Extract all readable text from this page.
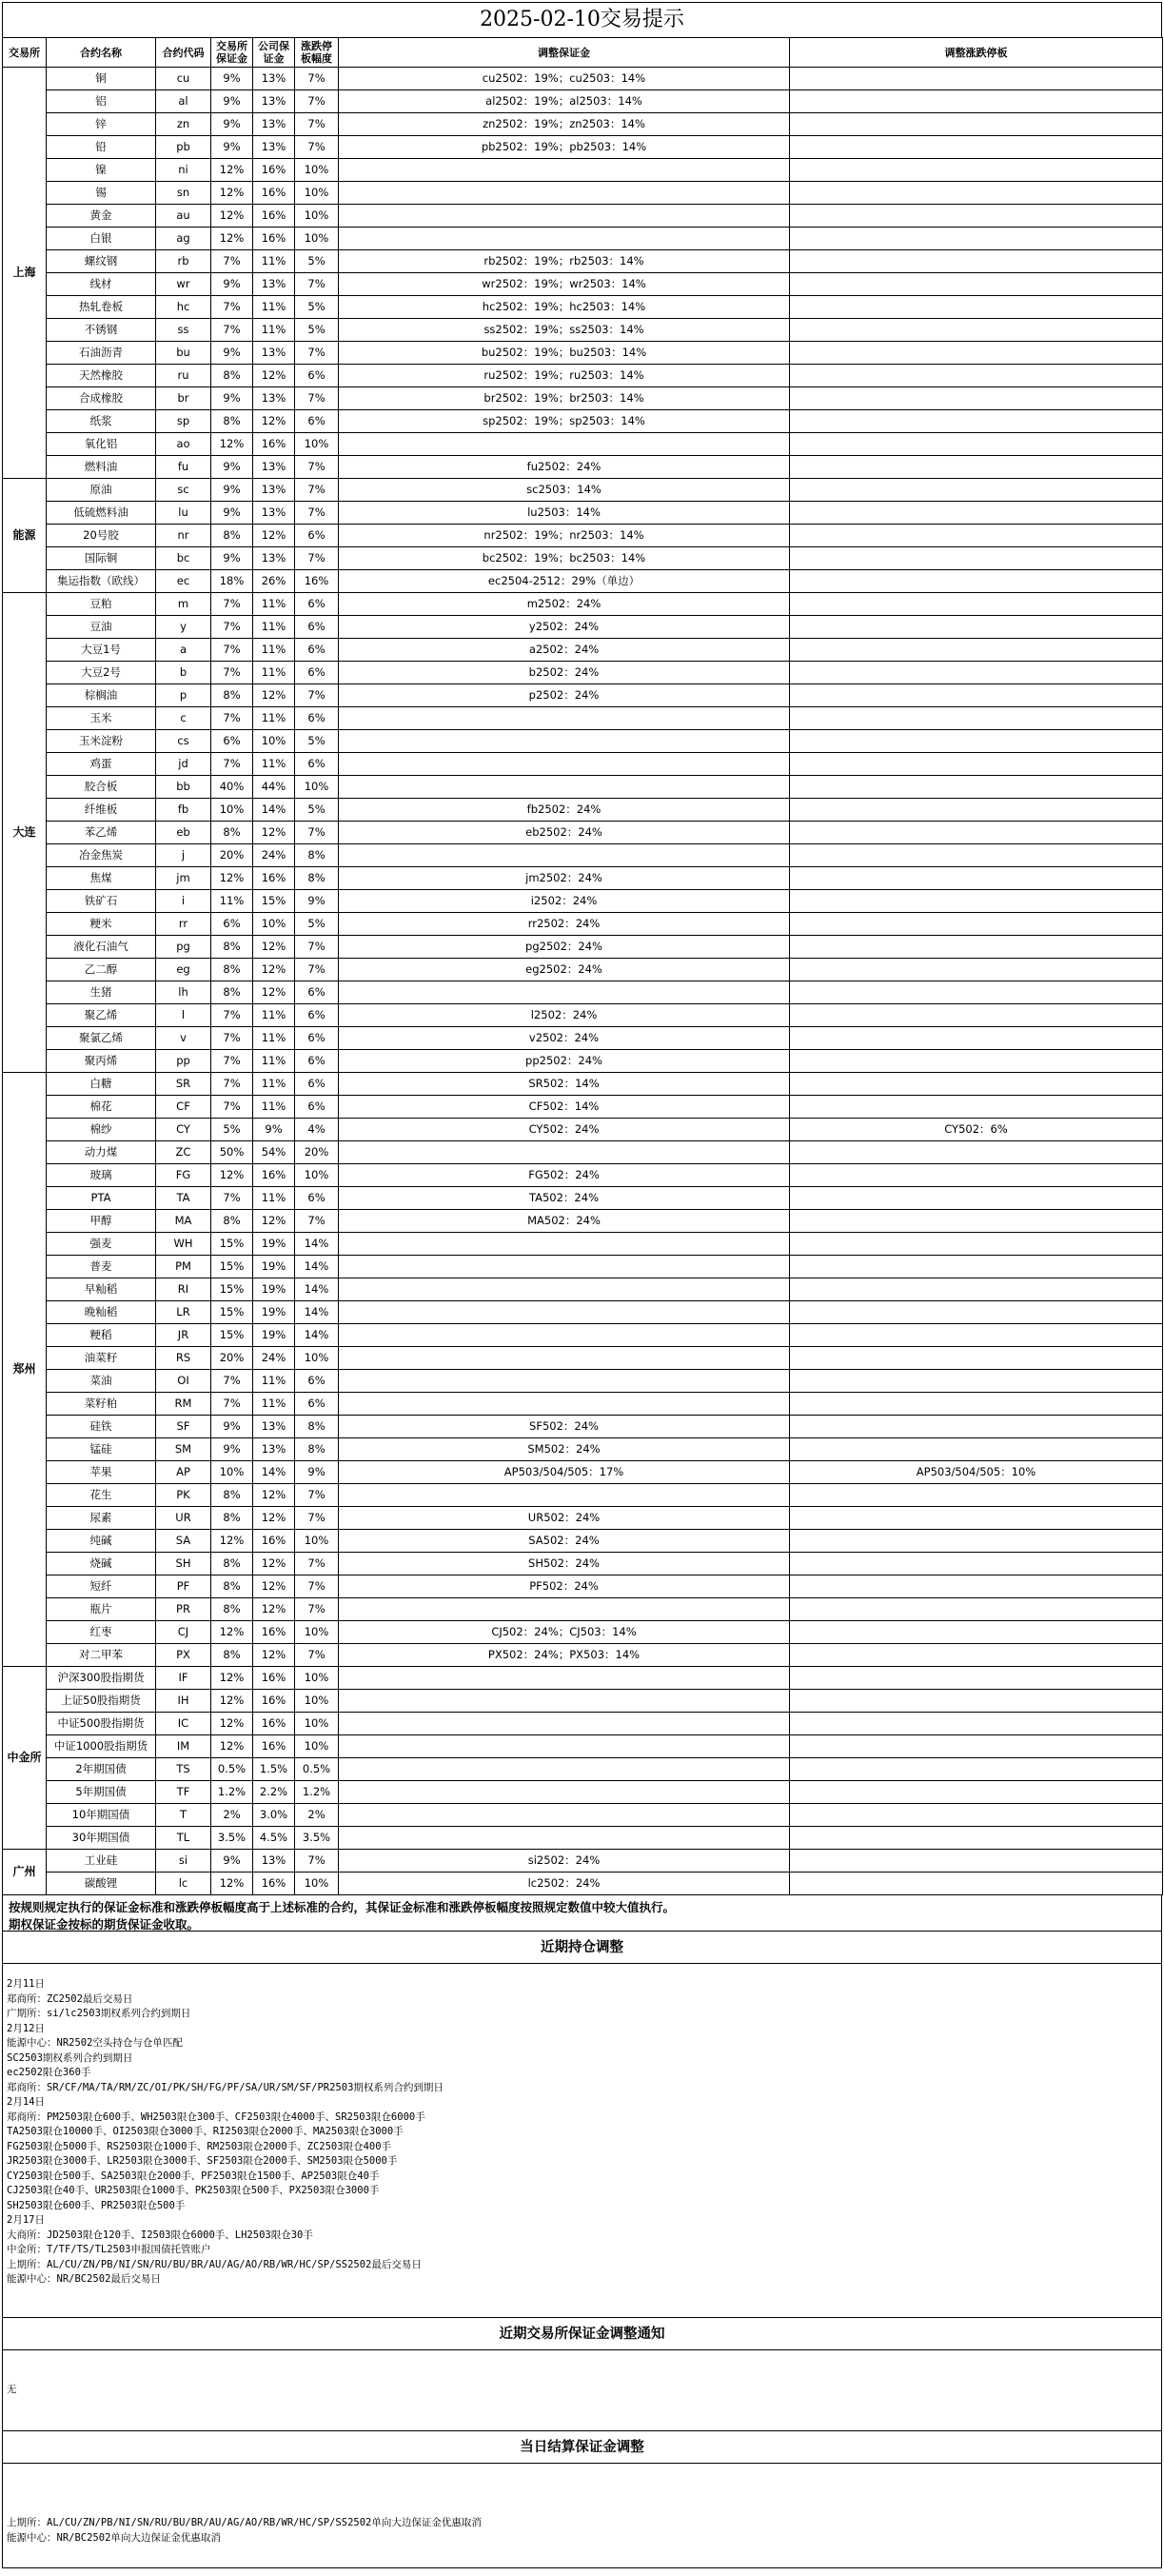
2025-02-10交易提示
交易所	合约名称	合约代码	交易所保证金	公司保证金	涨跌停板幅度	调整保证金	调整涨跌停板
上海	铜	cu	9%	13%	7%	cu2502：19%；cu2503：14%	
	铝	al	9%	13%	7%	al2502：19%；al2503：14%	
	锌	zn	9%	13%	7%	zn2502：19%；zn2503：14%	
	铅	pb	9%	13%	7%	pb2502：19%；pb2503：14%	
	镍	ni	12%	16%	10%		
	锡	sn	12%	16%	10%		
	黄金	au	12%	16%	10%		
	白银	ag	12%	16%	10%		
	螺纹钢	rb	7%	11%	5%	rb2502：19%；rb2503：14%	
	线材	wr	9%	13%	7%	wr2502：19%；wr2503：14%	
	热轧卷板	hc	7%	11%	5%	hc2502：19%；hc2503：14%	
	不锈钢	ss	7%	11%	5%	ss2502：19%；ss2503：14%	
	石油沥青	bu	9%	13%	7%	bu2502：19%；bu2503：14%	
	天然橡胶	ru	8%	12%	6%	ru2502：19%；ru2503：14%	
	合成橡胶	br	9%	13%	7%	br2502：19%；br2503：14%	
	纸浆	sp	8%	12%	6%	sp2502：19%；sp2503：14%	
	氧化铝	ao	12%	16%	10%		
	燃料油	fu	9%	13%	7%	fu2502：24%	
能源	原油	sc	9%	13%	7%	sc2503：14%	
	低硫燃料油	lu	9%	13%	7%	lu2503：14%	
	20号胶	nr	8%	12%	6%	nr2502：19%；nr2503：14%	
	国际铜	bc	9%	13%	7%	bc2502：19%；bc2503：14%	
	集运指数（欧线）	ec	18%	26%	16%	ec2504-2512：29%（单边）	
大连	豆粕	m	7%	11%	6%	m2502：24%	
	豆油	y	7%	11%	6%	y2502：24%	
	大豆1号	a	7%	11%	6%	a2502：24%	
	大豆2号	b	7%	11%	6%	b2502：24%	
	棕榈油	p	8%	12%	7%	p2502：24%	
	玉米	c	7%	11%	6%		
	玉米淀粉	cs	6%	10%	5%		
	鸡蛋	jd	7%	11%	6%		
	胶合板	bb	40%	44%	10%		
	纤维板	fb	10%	14%	5%	fb2502：24%	
	苯乙烯	eb	8%	12%	7%	eb2502：24%	
	冶金焦炭	j	20%	24%	8%		
	焦煤	jm	12%	16%	8%	jm2502：24%	
	铁矿石	i	11%	15%	9%	i2502：24%	
	粳米	rr	6%	10%	5%	rr2502：24%	
	液化石油气	pg	8%	12%	7%	pg2502：24%	
	乙二醇	eg	8%	12%	7%	eg2502：24%	
	生猪	lh	8%	12%	6%		
	聚乙烯	l	7%	11%	6%	l2502：24%	
	聚氯乙烯	v	7%	11%	6%	v2502：24%	
	聚丙烯	pp	7%	11%	6%	pp2502：24%	
郑州	白糖	SR	7%	11%	6%	SR502：14%	
	棉花	CF	7%	11%	6%	CF502：14%	
	棉纱	CY	5%	9%	4%	CY502：24%	CY502：6%
	动力煤	ZC	50%	54%	20%		
	玻璃	FG	12%	16%	10%	FG502：24%	
	PTA	TA	7%	11%	6%	TA502：24%	
	甲醇	MA	8%	12%	7%	MA502：24%	
	强麦	WH	15%	19%	14%		
	普麦	PM	15%	19%	14%		
	早籼稻	RI	15%	19%	14%		
	晚籼稻	LR	15%	19%	14%		
	粳稻	JR	15%	19%	14%		
	油菜籽	RS	20%	24%	10%		
	菜油	OI	7%	11%	6%		
	菜籽粕	RM	7%	11%	6%		
	硅铁	SF	9%	13%	8%	SF502：24%	
	锰硅	SM	9%	13%	8%	SM502：24%	
	苹果	AP	10%	14%	9%	AP503/504/505：17%	AP503/504/505：10%
	花生	PK	8%	12%	7%		
	尿素	UR	8%	12%	7%	UR502：24%	
	纯碱	SA	12%	16%	10%	SA502：24%	
	烧碱	SH	8%	12%	7%	SH502：24%	
	短纤	PF	8%	12%	7%	PF502：24%	
	瓶片	PR	8%	12%	7%		
	红枣	CJ	12%	16%	10%	CJ502：24%；CJ503：14%	
	对二甲苯	PX	8%	12%	7%	PX502：24%；PX503：14%	
中金所	沪深300股指期货	IF	12%	16%	10%		
	上证50股指期货	IH	12%	16%	10%		
	中证500股指期货	IC	12%	16%	10%		
	中证1000股指期货	IM	12%	16%	10%		
	2年期国债	TS	0.5%	1.5%	0.5%		
	5年期国债	TF	1.2%	2.2%	1.2%		
	10年期国债	T	2%	3.0%	2%		
	30年期国债	TL	3.5%	4.5%	3.5%		
广州	工业硅	si	9%	13%	7%	si2502：24%	
	碳酸锂	lc	12%	16%	10%	lc2502：24%	
按规则规定执行的保证金标准和涨跌停板幅度高于上述标准的合约，其保证金标准和涨跌停板幅度按照规定数值中较大值执行。
期权保证金按标的期货保证金收取。
近期持仓调整
2月11日
郑商所：ZC2502最后交易日
广期所：si/lc2503期权系列合约到期日
2月12日
能源中心：NR2502空头持仓与仓单匹配
SC2503期权系列合约到期日
ec2502限仓360手
郑商所：SR/CF/MA/TA/RM/ZC/OI/PK/SH/FG/PF/SA/UR/SM/SF/PR2503期权系列合约到期日
2月14日
郑商所：PM2503限仓600手、WH2503限仓300手、CF2503限仓4000手、SR2503限仓6000手
TA2503限仓10000手、OI2503限仓3000手、RI2503限仓2000手、MA2503限仓3000手
FG2503限仓5000手、RS2503限仓1000手、RM2503限仓2000手、ZC2503限仓400手
JR2503限仓3000手、LR2503限仓3000手、SF2503限仓2000手、SM2503限仓5000手
CY2503限仓500手、SA2503限仓2000手、PF2503限仓1500手、AP2503限仓40手
CJ2503限仓40手、UR2503限仓1000手、PK2503限仓500手、PX2503限仓3000手
SH2503限仓600手、PR2503限仓500手
2月17日
大商所：JD2503限仓120手、I2503限仓6000手、LH2503限仓30手
中金所：T/TF/TS/TL2503申报国债托管账户
上期所：AL/CU/ZN/PB/NI/SN/RU/BU/BR/AU/AG/AO/RB/WR/HC/SP/SS2502最后交易日
能源中心：NR/BC2502最后交易日
近期交易所保证金调整通知
无
当日结算保证金调整
上期所：AL/CU/ZN/PB/NI/SN/RU/BU/BR/AU/AG/AO/RB/WR/HC/SP/SS2502单向大边保证金优惠取消
能源中心：NR/BC2502单向大边保证金优惠取消
